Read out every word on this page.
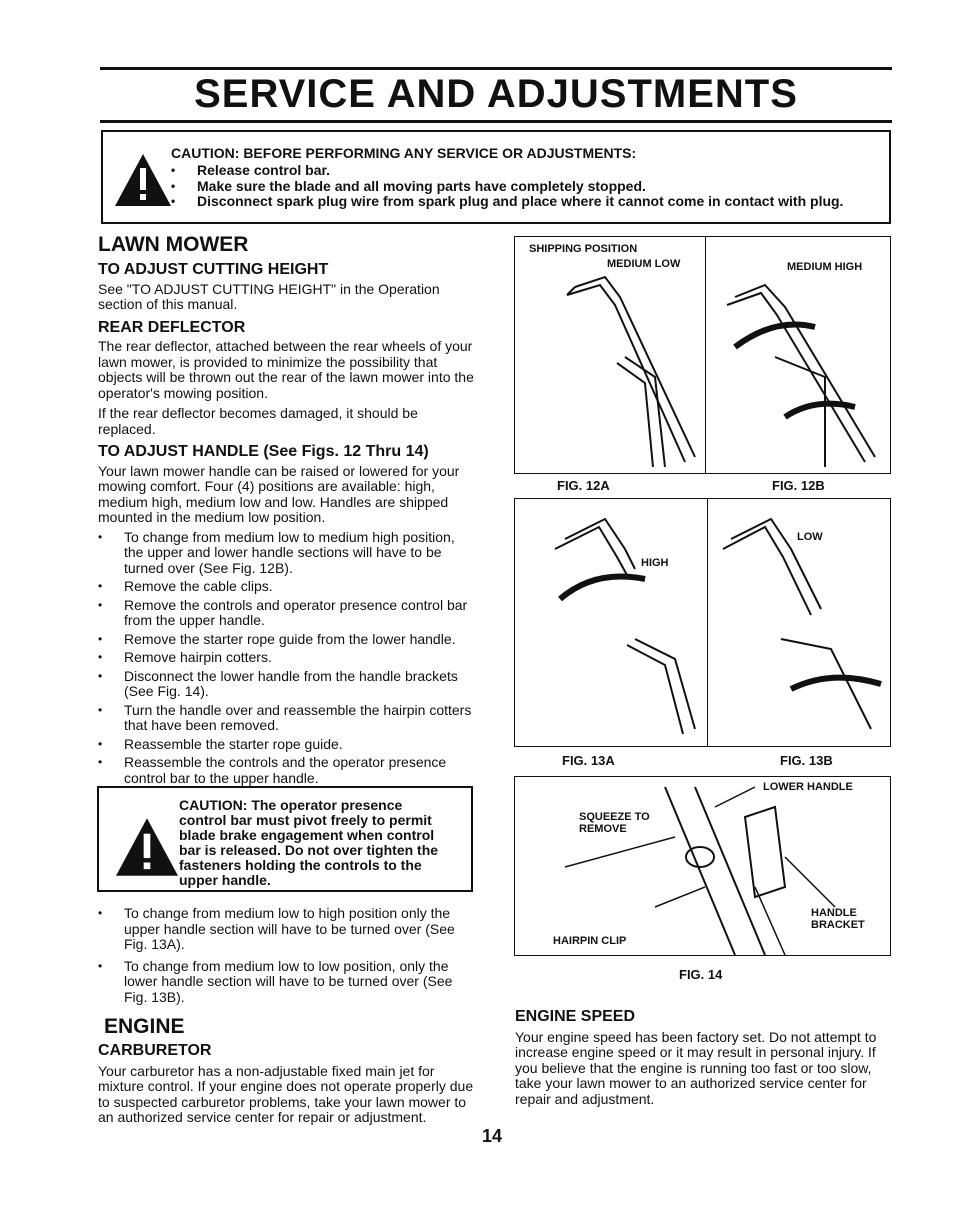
SERVICE AND ADJUSTMENTS
CAUTION: BEFORE PERFORMING ANY SERVICE OR ADJUSTMENTS:
• Release control bar.
• Make sure the blade and all moving parts have completely stopped.
• Disconnect spark plug wire from spark plug and place where it cannot come in contact with plug.
LAWN MOWER
TO ADJUST CUTTING HEIGHT

See "TO ADJUST CUTTING HEIGHT" in the Operation section of this manual.

REAR DEFLECTOR

The rear deflector, attached between the rear wheels of your lawn mower, is provided to minimize the possibility that objects will be thrown out the rear of the lawn mower into the operator's mowing position.

If the rear deflector becomes damaged, it should be replaced.

TO ADJUST HANDLE (See Figs. 12 Thru 14)

Your lawn mower handle can be raised or lowered for your mowing comfort. Four (4) positions are available: high, medium high, medium low and low. Handles are shipped mounted in the medium low position.

• To change from medium low to medium high position, the upper and lower handle sections will have to be turned over (See Fig. 12B).
• Remove the cable clips.
• Remove the controls and operator presence control bar from the upper handle.
• Remove the starter rope guide from the lower handle.
• Remove hairpin cotters.
• Disconnect the lower handle from the handle brackets (See Fig. 14).
• Turn the handle over and reassemble the hairpin cotters that have been removed.
• Reassemble the starter rope guide.
• Reassemble the controls and the operator presence control bar to the upper handle.
CAUTION: The operator presence control bar must pivot freely to permit blade brake engagement when control bar is released. Do not over tighten the fasteners holding the controls to the upper handle.
• To change from medium low to high position only the upper handle section will have to be turned over (See Fig. 13A).
• To change from medium low to low position, only the lower handle section will have to be turned over (See Fig. 13B).
ENGINE
CARBURETOR

Your carburetor has a non-adjustable fixed main jet for mixture control. If your engine does not operate properly due to suspected carburetor problems, take your lawn mower to an authorized service center for repair or adjustment.

14
SHIPPING POSITION
MEDIUM LOW	MEDIUM HIGH
FIG. 12A	FIG. 12B
HIGH
LOW
FIG. 13A	FIG. 13B
SQUEEZE TO REMOVE
LOWER HANDLE
HANDLE BRACKET
HAIRPIN CLIP
FIG. 14
ENGINE SPEED

Your engine speed has been factory set. Do not attempt to increase engine speed or it may result in personal injury. If you believe that the engine is running too fast or too slow, take your lawn mower to an authorized service center for repair and adjustment.
